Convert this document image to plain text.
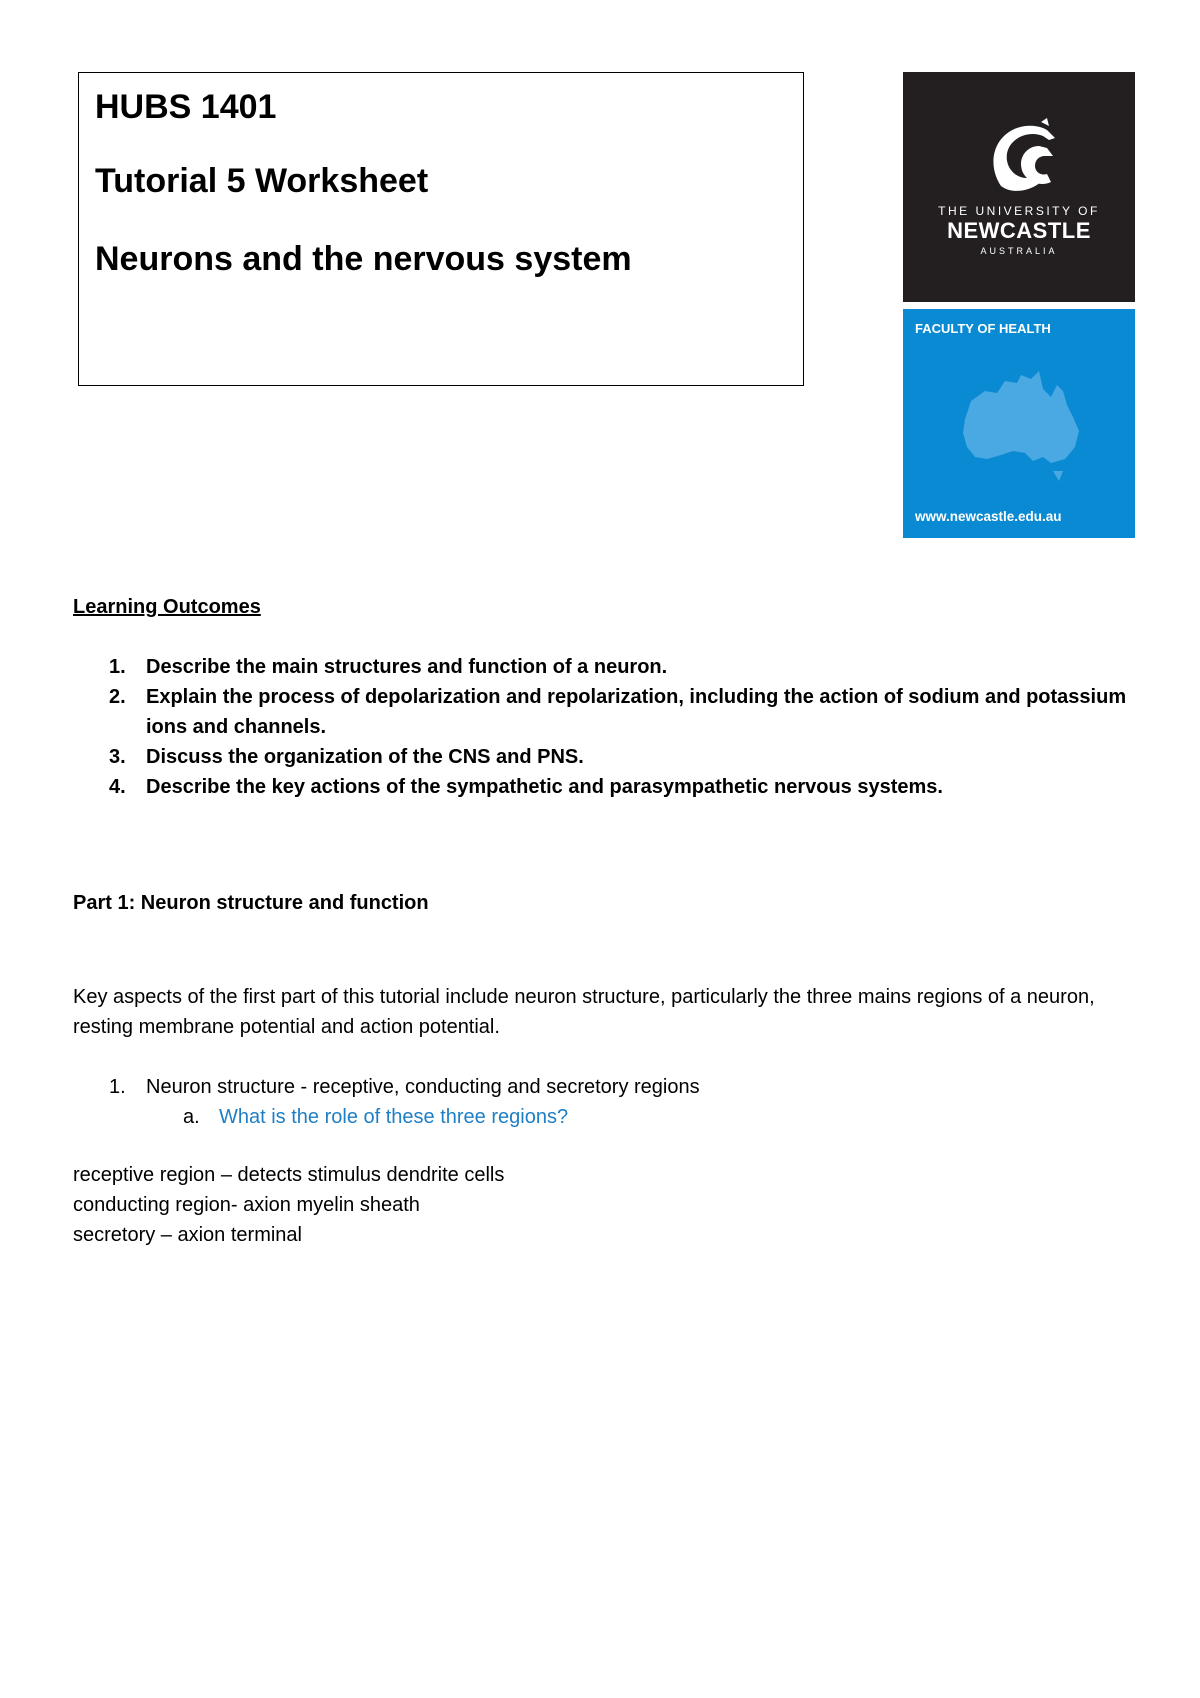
HUBS 1401

Tutorial 5 Worksheet

Neurons and the nervous system

THE UNIVERSITY OF
NEWCASTLE
AUSTRALIA
FACULTY OF HEALTH
www.newcastle.edu.au
Learning Outcomes
1. Describe the main structures and function of a neuron.
2. Explain the process of depolarization and repolarization, including the action of sodium and potassium ions and channels.
3. Discuss the organization of the CNS and PNS.
4. Describe the key actions of the sympathetic and parasympathetic nervous systems.
Part 1: Neuron structure and function
Key aspects of the first part of this tutorial include neuron structure, particularly the three mains regions of a neuron, resting membrane potential and action potential.
1. Neuron structure - receptive, conducting and secretory regions
a. What is the role of these three regions?
receptive region – detects stimulus dendrite cells
conducting region- axion myelin sheath
secretory – axion terminal
